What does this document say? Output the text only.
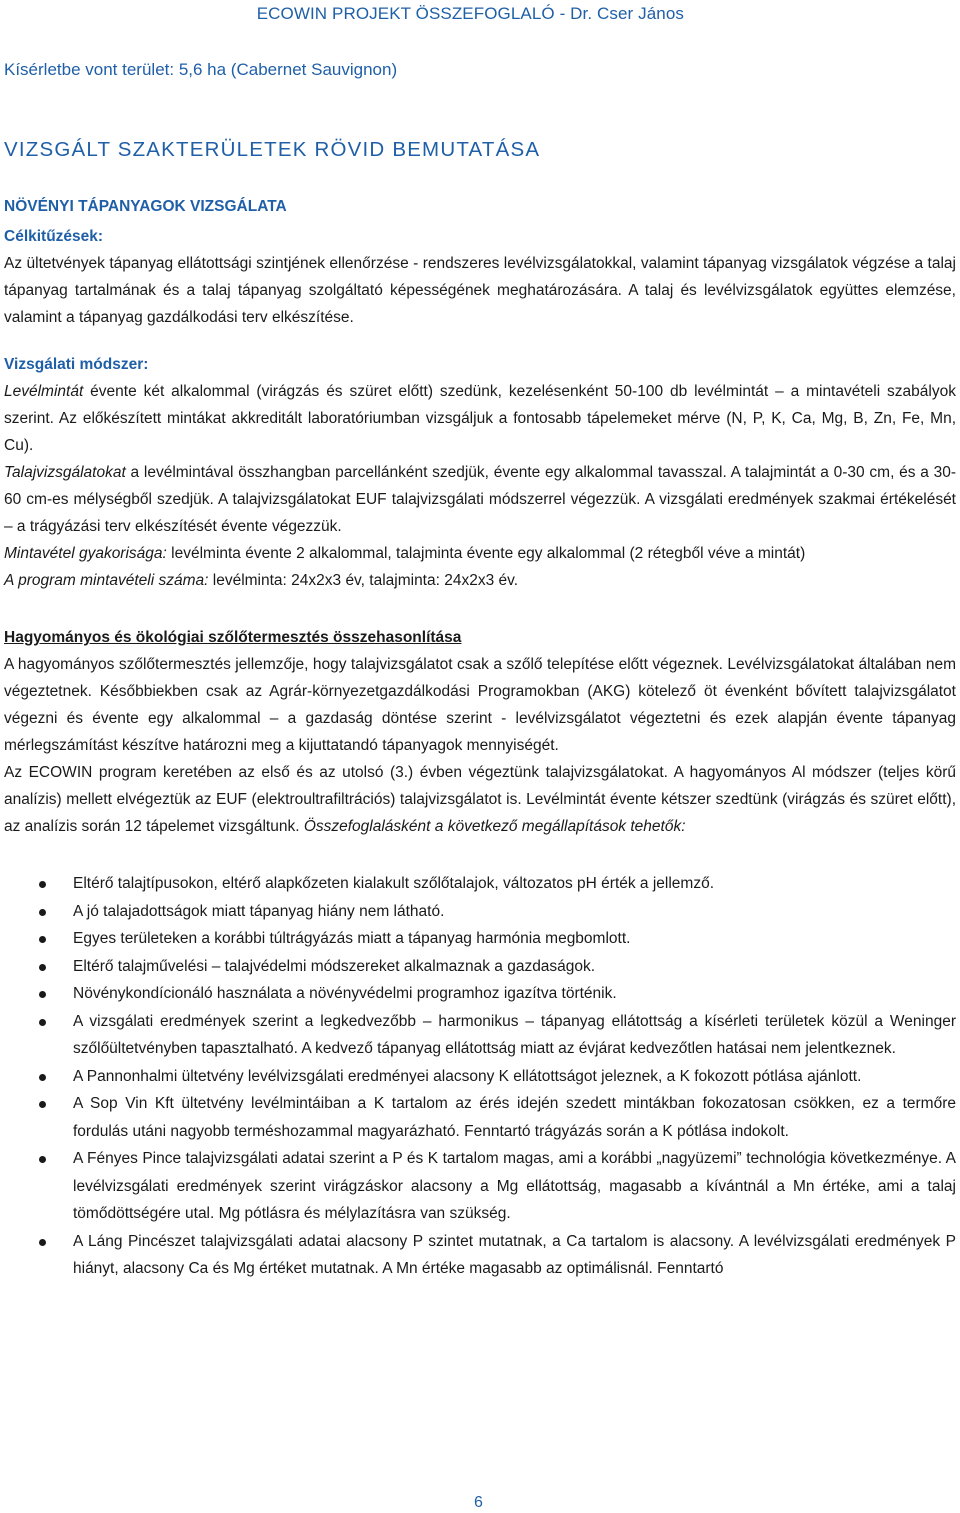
ECOWIN PROJEKT ÖSSZEFOGLALÓ - Dr. Cser János

Kísérletbe vont terület: 5,6 ha (Cabernet Sauvignon)

VIZSGÁLT SZAKTERÜLETEK RÖVID BEMUTATÁSA
NÖVÉNYI TÁPANYAGOK VIZSGÁLATA

Célkitűzések:

Az ültetvények tápanyag ellátottsági szintjének ellenőrzése - rendszeres levélvizsgálatokkal, valamint tápanyag vizsgálatok végzése a talaj tápanyag tartalmának és a talaj tápanyag szolgáltató képességének meghatározására. A talaj és levélvizsgálatok együttes elemzése, valamint a tápanyag gazdálkodási terv elkészítése.

Vizsgálati módszer:

Levélmintát évente két alkalommal (virágzás és szüret előtt) szedünk, kezelésenként 50-100 db levélmintát – a mintavételi szabályok szerint. Az előkészített mintákat akkreditált laboratóriumban vizsgáljuk a fontosabb tápelemeket mérve (N, P, K, Ca, Mg, B, Zn, Fe, Mn, Cu).

Talajvizsgálatokat a levélmintával összhangban parcellánként szedjük, évente egy alkalommal tavasszal. A talajmintát a 0-30 cm, és a 30-60 cm-es mélységből szedjük. A talajvizsgálatokat EUF talajvizsgálati módszerrel végezzük. A vizsgálati eredmények szakmai értékelését – a trágyázási terv elkészítését évente végezzük.

Mintavétel gyakorisága: levélminta évente 2 alkalommal, talajminta évente egy alkalommal (2 rétegből véve a mintát)

A program mintavételi száma: levélminta: 24x2x3 év, talajminta: 24x2x3 év.

Hagyományos és ökológiai szőlőtermesztés összehasonlítása

A hagyományos szőlőtermesztés jellemzője, hogy talajvizsgálatot csak a szőlő telepítése előtt végeznek. Levélvizsgálatokat általában nem végeztetnek. Későbbiekben csak az Agrár-környezetgazdálkodási Programokban (AKG) kötelező öt évenként bővített talajvizsgálatot végezni és évente egy alkalommal – a gazdaság döntése szerint - levélvizsgálatot végeztetni és ezek alapján évente tápanyag mérlegszámítást készítve határozni meg a kijuttatandó tápanyagok mennyiségét.

Az ECOWIN program keretében az első és az utolsó (3.) évben végeztünk talajvizsgálatokat. A hagyományos Al módszer (teljes körű analízis) mellett elvégeztük az EUF (elektroultrafiltrációs) talajvizsgálatot is. Levélmintát évente kétszer szedtünk (virágzás és szüret előtt), az analízis során 12 tápelemet vizsgáltunk. Összefoglalásként a következő megállapítások tehetők:

Eltérő talajtípusokon, eltérő alapkőzeten kialakult szőlőtalajok, változatos pH érték a jellemző.
A jó talajadottságok miatt tápanyag hiány nem látható.
Egyes területeken a korábbi túltrágyázás miatt a tápanyag harmónia megbomlott.
Eltérő talajművelési – talajvédelmi módszereket alkalmaznak a gazdaságok.
Növénykondícionáló használata a növényvédelmi programhoz igazítva történik.
A vizsgálati eredmények szerint a legkedvezőbb – harmonikus – tápanyag ellátottság a kísérleti területek közül a Weninger szőlőültetvényben tapasztalható. A kedvező tápanyag ellátottság miatt az évjárat kedvezőtlen hatásai nem jelentkeznek.
A Pannonhalmi ültetvény levélvizsgálati eredményei alacsony K ellátottságot jeleznek, a K fokozott pótlása ajánlott.
A Sop Vin Kft ültetvény levélmintáiban a K tartalom az érés idején szedett mintákban fokozatosan csökken, ez a termőre fordulás utáni nagyobb terméshozammal magyarázható. Fenntartó trágyázás során a K pótlása indokolt.
A Fényes Pince talajvizsgálati adatai szerint a P és K tartalom magas, ami a korábbi „nagyüzemi” technológia következménye. A levélvizsgálati eredmények szerint virágzáskor alacsony a Mg ellátottság, magasabb a kívántnál a Mn értéke, ami a talaj tömődöttségére utal. Mg pótlásra és mélylazításra van szükség.
A Láng Pincészet talajvizsgálati adatai alacsony P szintet mutatnak, a Ca tartalom is alacsony. A levélvizsgálati eredmények P hiányt, alacsony Ca és Mg értéket mutatnak. A Mn értéke magasabb az optimálisnál. Fenntartó
6
